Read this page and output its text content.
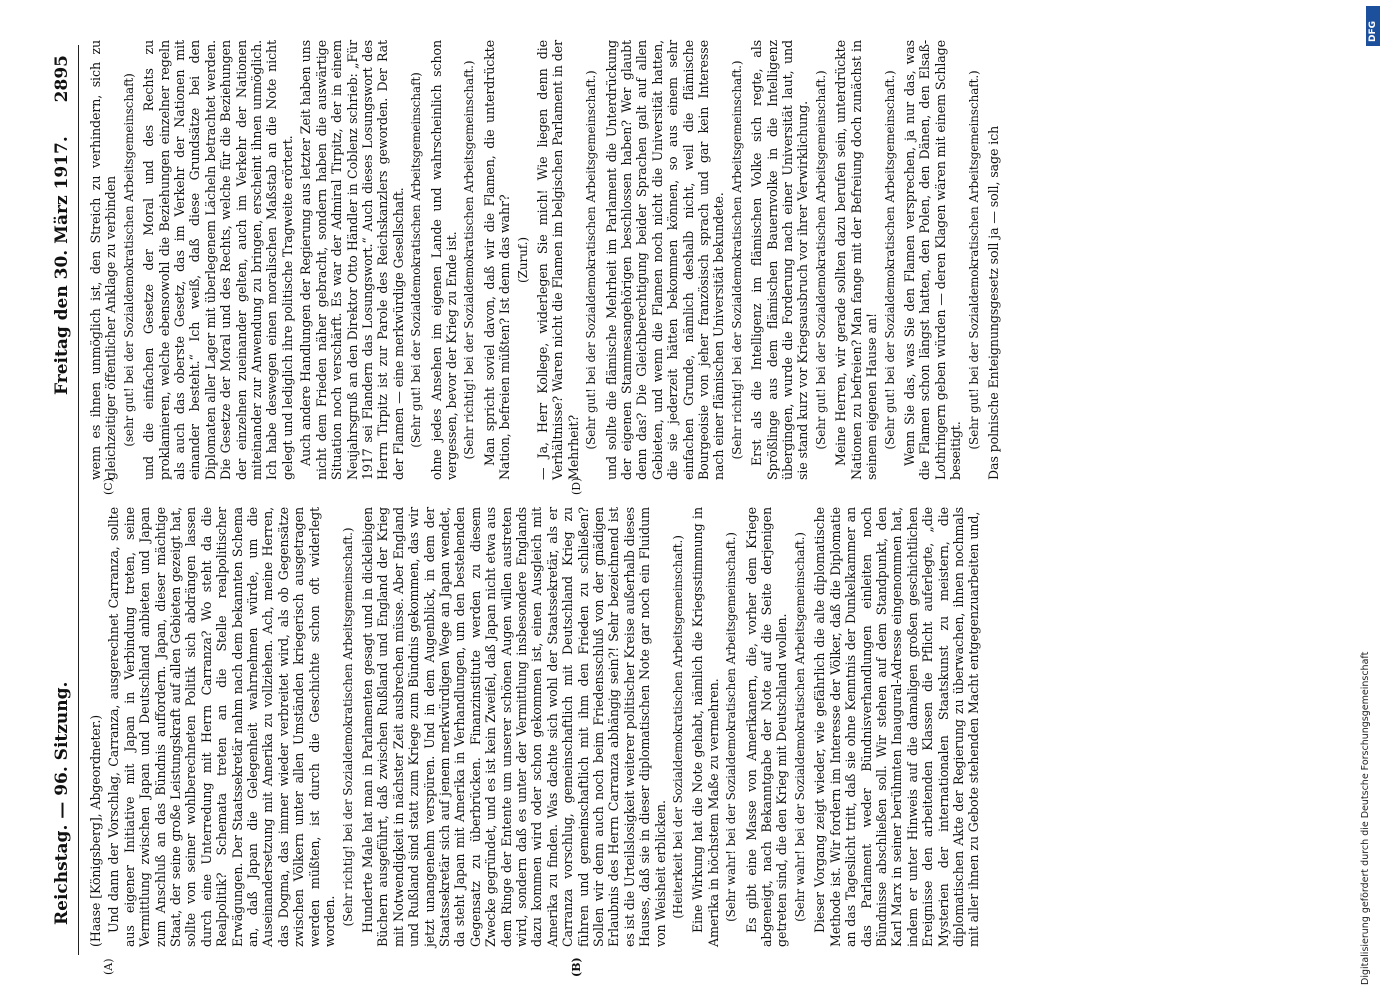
Reichstag. — 96. Sitzung.
Freitag den 30. März 1917.
2895
(A)	(B)
(C)	(D)

(Haase [Königsberg], Abgeordneter.) Und dann der Vorschlag, Carranza, ausgerechnet Carranza, sollte aus eigener Initiative mit Japan in Verbindung treten, seine Vermittlung zwischen Japan und Deutschland anbieten und Japan zum Anschluß an das Bündnis auffordern. Japan, dieser mächtige Staat, der seine große Leistungskraft auf allen Gebieten gezeigt hat, sollte von seiner wohlberechneten Politik sich abdrängen lassen durch eine Unterredung mit Herrn Carranza? Wo steht da die Realpolitik? Schemata treten an die Stelle realpolitischer Erwägungen. Der Staatssekretär nahm nach dem bekannten Schema an, daß Japan die Gelegenheit wahrnehmen würde, um die Auseinandersetzung mit Amerika zu vollziehen. Ach, meine Herren, das Dogma, das immer wieder verbreitet wird, als ob Gegensätze zwischen Völkern unter allen Umständen kriegerisch ausgetragen werden müßten, ist durch die Geschichte schon oft widerlegt worden. (Sehr richtig! bei der Sozialdemokratischen Arbeitsgemeinschaft.) Hunderte Male hat man in Parlamenten gesagt und in dickleibigen Büchern ausgeführt, daß zwischen Rußland und England der Krieg mit Notwendigkeit in nächster Zeit ausbrechen müsse. Aber England und Rußland sind statt zum Kriege zum Bündnis gekommen, das wir jetzt unangenehm verspüren. Und in dem Augenblick, in dem der Staatssekretär sich auf jenem merkwürdigen Wege an Japan wendet, da steht Japan mit Amerika in Verhandlungen, um den bestehenden Gegensatz zu überbrücken. Finanzinstitute werden zu diesem Zwecke gegründet, und es ist kein Zweifel, daß Japan nicht etwa aus dem Ringe der Entente um unserer schönen Augen willen austreten wird, sondern daß es unter der Vermittlung insbesondere Englands dazu kommen wird oder schon gekommen ist, einen Ausgleich mit Amerika zu finden. Was dachte sich wohl der Staatssekretär, als er Carranza vorschlug, gemeinschaftlich mit Deutschland Krieg zu führen und gemeinschaftlich mit ihm den Frieden zu schließen? Sollen wir denn auch noch beim Friedensschluß von der gnädigen Erlaubnis des Herrn Carranza abhängig sein?! Sehr bezeichnend ist es ist die Urteilslosigkeit weiterer politischer Kreise außerhalb dieses Hauses, daß sie in dieser diplomatischen Note gar noch ein Fluidum von Weisheit erblicken. (Heiterkeit bei der Sozialdemokratischen Arbeitsgemeinschaft.) Eine Wirkung hat die Note gehabt, nämlich die Kriegsstimmung in Amerika in höchstem Maße zu vermehren. (Sehr wahr! bei der Sozialdemokratischen Arbeitsgemeinschaft.) Es gibt eine Masse von Amerikanern, die, vorher dem Kriege abgeneigt, nach Bekanntgabe der Note auf die Seite derjenigen getreten sind, die den Krieg mit Deutschland wollen. (Sehr wahr! bei der Sozialdemokratischen Arbeitsgemeinschaft.) Dieser Vorgang zeigt wieder, wie gefährlich die alte diplomatische Methode ist. Wir fordern im Interesse der Völker, daß die Diplomatie an das Tageslicht tritt, daß sie ohne Kenntnis der Dunkelkammer an das Parlament weder Bündnisverhandlungen einleiten noch Bündnisse abschließen soll. Wir stehen auf dem Standpunkt, den Karl Marx in seiner berühmten Inaugural-Adresse eingenommen hat, indem er unter Hinweis auf die damaligen großen geschichtlichen Ereignisse den arbeitenden Klassen die Pflicht auferlegte, „die Mysterien der internationalen Staatskunst zu meistern, die diplomatischen Akte der Regierung zu überwachen, ihnen nochmals mit aller ihnen zu Gebote stehenden Macht entgegenzuarbeiten und,

wenn es ihnen unmöglich ist, den Streich zu verhindern, sich zu gleichzeitiger öffentlicher Anklage zu verbinden (sehr gut! bei der Sozialdemokratischen Arbeitsgemeinschaft) und die einfachen Gesetze der Moral und des Rechts zu proklamieren, welche ebensowohl die Beziehungen einzelner regeln als auch das oberste Gesetz, das im Verkehr der Nationen mit einander besteht.“ Ich weiß, daß diese Grundsätze bei den Diplomaten aller Lager mit überlegenem Lächeln betrachtet werden. Die Gesetze der Moral und des Rechts, welche für die Beziehungen der einzelnen zueinander gelten, auch im Verkehr der Nationen miteinander zur Anwendung zu bringen, erscheint ihnen unmöglich. Ich habe deswegen einen moralischen Maßstab an die Note nicht gelegt und lediglich ihre politische Tragweite erörtert. Auch andere Handlungen der Regierung aus letzter Zeit haben uns nicht dem Frieden näher gebracht, sondern haben die auswärtige Situation noch verschärft. Es war der Admiral Tirpitz, der in einem Neujahrsgruß an den Direktor Otto Händler in Coblenz schrieb: „Für 1917 sei Flandern das Losungswort.“ Auch dieses Losungswort des Herrn Tirpitz ist zur Parole des Reichskanzlers geworden. Der Rat der Flamen — eine merkwürdige Gesellschaft. (Sehr gut! bei der Sozialdemokratischen Arbeitsgemeinschaft) ohne jedes Ansehen im eigenen Lande und wahrscheinlich schon vergessen, bevor der Krieg zu Ende ist. (Sehr richtig! bei der Sozialdemokratischen Arbeitsgemeinschaft.) Man spricht soviel davon, daß wir die Flamen, die unterdrückte Nation, befreien müßten? Ist denn das wahr? (Zuruf.) — Ja, Herr Kollege, widerlegen Sie mich! Wie liegen denn die Verhältnisse? Waren nicht die Flamen im belgischen Parlament in der Mehrheit? (Sehr gut! bei der Sozialdemokratischen Arbeitsgemeinschaft.) und sollte die flämische Mehrheit im Parlament die Unterdrückung der eigenen Stammesangehörigen beschlossen haben? Wer glaubt denn das? Die Gleichberechtigung beider Sprachen galt auf allen Gebieten, und wenn die Flamen noch nicht die Universität hatten, die sie jederzeit hätten bekommen können, so aus einem sehr einfachen Grunde, nämlich deshalb nicht, weil die flämische Bourgeoisie von jeher französisch sprach und gar kein Interesse nach einer flämischen Universität bekundete. (Sehr richtig! bei der Sozialdemokratischen Arbeitsgemeinschaft.) Erst als die Intelligenz im flämischen Volke sich regte, als Sprößlinge aus dem flämischen Bauernvolke in die Intelligenz übergingen, wurde die Forderung nach einer Universität laut, und sie stand kurz vor Kriegsausbruch vor ihrer Verwirklichung. (Sehr gut! bei der Sozialdemokratischen Arbeitsgemeinschaft.) Meine Herren, wir gerade sollten dazu berufen sein, unterdrückte Nationen zu befreien? Man fange mit der Befreiung doch zunächst in seinem eigenen Hause an! (Sehr gut! bei der Sozialdemokratischen Arbeitsgemeinschaft.) Wenn Sie das, was Sie den Flamen versprechen, ja nur das, was die Flamen schon längst hatten, den Polen, den Dänen, den Elsaß-Lothringern geben würden — deren Klagen wären mit einem Schlage beseitigt.

(Sehr gut! bei der Sozialdemokratischen Arbeitsgemeinschaft.) Das polnische Enteignungsgesetz soll ja — soll, sage ich

Digitalisierung gefördert durch die Deutsche Forschungsgemeinschaft
DFG
